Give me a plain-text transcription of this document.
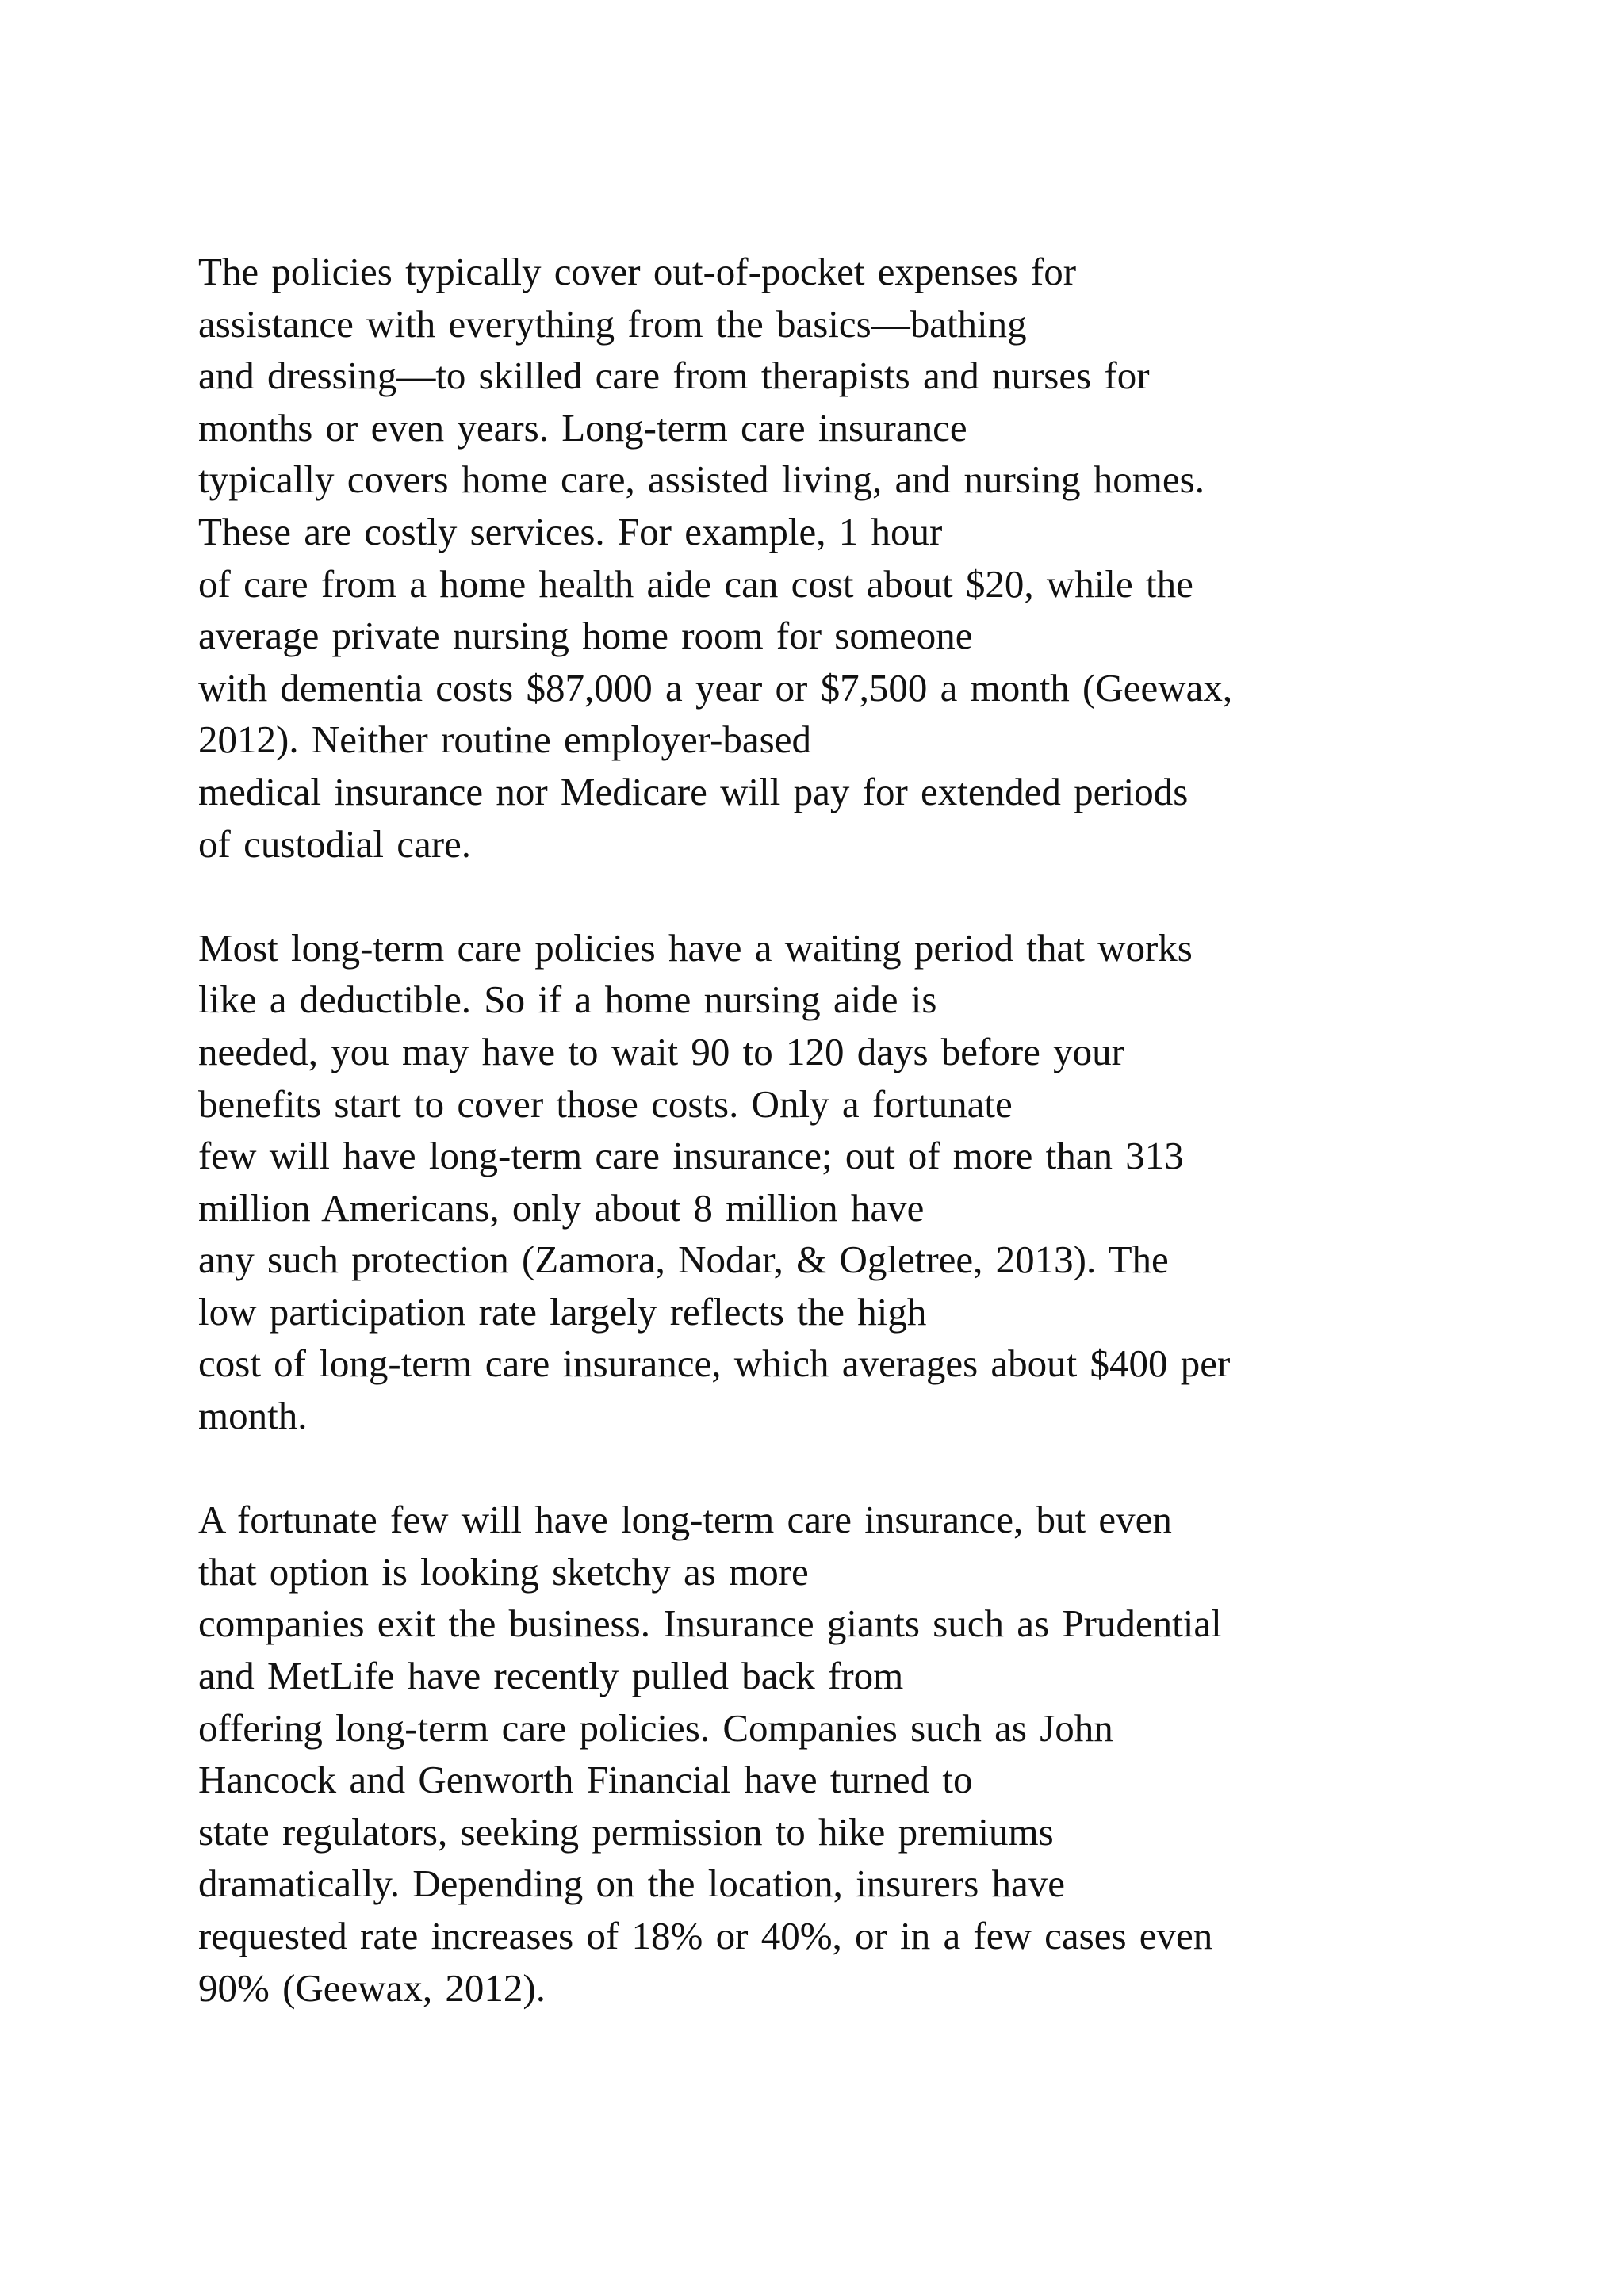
The policies typically cover out-of-pocket expenses for
assistance with everything from the basics—bathing
and dressing—to skilled care from therapists and nurses for
months or even years. Long-term care insurance
typically covers home care, assisted living, and nursing homes.
These are costly services. For example, 1 hour
of care from a home health aide can cost about $20, while the
average private nursing home room for someone
with dementia costs $87,000 a year or $7,500 a month (Geewax,
2012). Neither routine employer-based
medical insurance nor Medicare will pay for extended periods
of custodial care.
Most long-term care policies have a waiting period that works
like a deductible. So if a home nursing aide is
needed, you may have to wait 90 to 120 days before your
benefits start to cover those costs. Only a fortunate
few will have long-term care insurance; out of more than 313
million Americans, only about 8 million have
any such protection (Zamora, Nodar, & Ogletree, 2013). The
low participation rate largely reflects the high
cost of long-term care insurance, which averages about $400 per
month.
A fortunate few will have long-term care insurance, but even
that option is looking sketchy as more
companies exit the business. Insurance giants such as Prudential
and MetLife have recently pulled back from
offering long-term care policies. Companies such as John
Hancock and Genworth Financial have turned to
state regulators, seeking permission to hike premiums
dramatically. Depending on the location, insurers have
requested rate increases of 18% or 40%, or in a few cases even
90% (Geewax, 2012).
